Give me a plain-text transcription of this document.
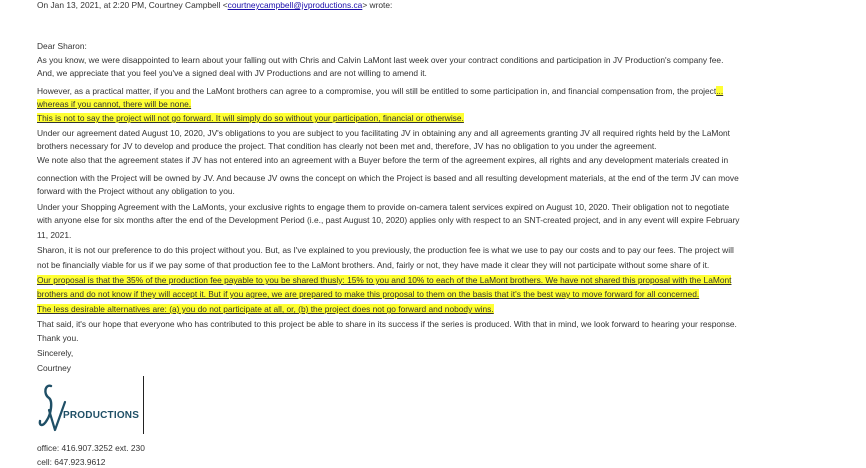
On Jan 13, 2021, at 2:20 PM, Courtney Campbell <courtneycampbell@jvproductions.ca> wrote:
Dear Sharon:
As you know, we were disappointed to learn about your falling out with Chris and Calvin LaMont last week over your contract conditions and participation in JV Production's company fee.
And, we appreciate that you feel you've a signed deal with JV Productions and are not willing to amend it.
However, as a practical matter, if you and the LaMont brothers can agree to a compromise, you will still be entitled to some participation in, and financial compensation from, the project...
whereas if you cannot, there will be none.
This is not to say the project will not go forward. It will simply do so without your participation, financial or otherwise.
Under our agreement dated August 10, 2020, JV's obligations to you are subject to you facilitating JV in obtaining any and all agreements granting JV all required rights held by the LaMont
brothers necessary for JV to develop and produce the project. That condition has clearly not been met and, therefore, JV has no obligation to you under the agreement.
We note also that the agreement states if JV has not entered into an agreement with a Buyer before the term of the agreement expires, all rights and any development materials created in
connection with the Project will be owned by JV. And because JV owns the concept on which the Project is based and all resulting development materials, at the end of the term JV can move
forward with the Project without any obligation to you.
Under your Shopping Agreement with the LaMonts, your exclusive rights to engage them to provide on-camera talent services expired on August 10, 2020. Their obligation not to negotiate
with anyone else for six months after the end of the Development Period (i.e., past August 10, 2020) applies only with respect to an SNT-created project, and in any event will expire February
11, 2021.
Sharon, it is not our preference to do this project without you. But, as I've explained to you previously, the production fee is what we use to pay our costs and to pay our fees. The project will
not be financially viable for us if we pay some of that production fee to the LaMont brothers. And, fairly or not, they have made it clear they will not participate without some share of it.
Our proposal is that the 35% of the production fee payable to you be shared thusly: 15% to you and 10% to each of the LaMont brothers. We have not shared this proposal with the LaMont
brothers and do not know if they will accept it. But if you agree, we are prepared to make this proposal to them on the basis that it's the best way to move forward for all concerned.
The less desirable alternatives are: (a) you do not participate at all, or, (b) the project does not go forward and nobody wins.
That said, it's our hope that everyone who has contributed to this project be able to share in its success if the series is produced. With that in mind, we look forward to hearing your response.
Thank you.
Sincerely,
Courtney
PRODUCTIONS
office: 416.907.3252 ext. 230
cell: 647.923.9612
